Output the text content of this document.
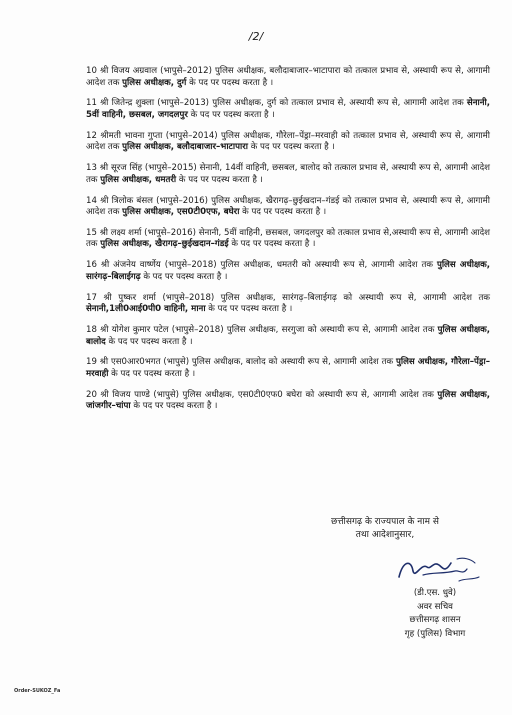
/2/
10 श्री विजय अग्रवाल (भापुसे–2012) पुलिस अधीक्षक, बलौदाबाजार–भाटापारा को तत्काल प्रभाव से, अस्थायी रूप से, आगामी आदेश तक पुलिस अधीक्षक, दुर्ग के पद पर पदस्थ करता है ।
11 श्री जितेन्द्र शुक्ला (भापुसे–2013) पुलिस अधीक्षक, दुर्ग को तत्काल प्रभाव से, अस्थायी रूप से, आगामी आदेश तक सेनानी, 5वीं वाहिनी, छसबल, जगदलपुर के पद पर पदस्थ करता है ।
12 श्रीमती भावना गुप्ता (भापुसे–2014) पुलिस अधीक्षक, गौरेला–पेंड्रा–मरवाही को तत्काल प्रभाव से, अस्थायी रूप से, आगामी आदेश तक पुलिस अधीक्षक, बलौदाबाजार–भाटापारा के पद पर पदस्थ करता है ।
13 श्री सूरज सिंह (भापुसे–2015) सेनानी, 14वीं वाहिनी, छसबल, बालोद को तत्काल प्रभाव से, अस्थायी रूप से, आगामी आदेश तक पुलिस अधीक्षक, धमतरी के पद पर पदस्थ करता है ।
14 श्री त्रिलोक बंसल (भापुसे–2016) पुलिस अधीक्षक, खैरागढ़–छुईखदान–गंडई को तत्काल प्रभाव से, अस्थायी रूप से, आगामी आदेश तक पुलिस अधीक्षक, एस0टी0एफ, बघेरा के पद पर पदस्थ करता है ।
15 श्री लक्ष्य शर्मा (भापुसे–2016) सेनानी, 5वीं वाहिनी, छसबल, जगदलपुर को तत्काल प्रभाव से,अस्थायी रूप से, आगामी आदेश तक पुलिस अधीक्षक, खैरागढ़–छुईखदान–गंडई के पद पर पदस्थ करता है ।
16 श्री अंजनेय वार्ष्णेय (भापुसे–2018) पुलिस अधीक्षक, धमतरी को अस्थायी रूप से, आगामी आदेश तक पुलिस अधीक्षक, सारंगढ़–बिलाईगढ़ के पद पर पदस्थ करता है ।
17 श्री पुष्कर शर्मा (भापुसे–2018) पुलिस अधीक्षक, सारंगढ़–बिलाईगढ़ को अस्थायी रूप से, आगामी आदेश तक सेनानी,1ली0आई0पी0 वाहिनी, माना के पद पर पदस्थ करता है ।
18 श्री योगेश कुमार पटेल (भापुसे–2018) पुलिस अधीक्षक, सरगुजा को अस्थायी रूप से, आगामी आदेश तक पुलिस अधीक्षक, बालोद के पद पर पदस्थ करता है ।
19 श्री एस0आर0भगत (भापुसे) पुलिस अधीक्षक, बालोद को अस्थायी रूप से, आगामी आदेश तक पुलिस अधीक्षक, गौरेला–पेंड्रा–मरवाही के पद पर पदस्थ करता है ।
20 श्री विजय पाण्डे (भापुसे) पुलिस अधीक्षक, एस0टी0एफ0 बघेरा को अस्थायी रूप से, आगामी आदेश तक पुलिस अधीक्षक, जांजगीर–चांपा के पद पर पदस्थ करता है ।
छत्तीसगढ़ के राज्यपाल के नाम से
तथा आदेशानुसार,
(डी.एस. धुवे)
अवर सचिव
छत्तीसगढ़ शासन
गृह (पुलिस) विभाग
Order-SUKOZ_Fa
